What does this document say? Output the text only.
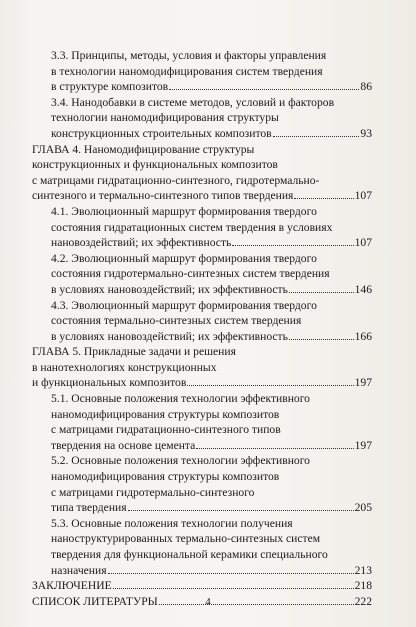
3.3. Принципы, методы, условия и факторы управления
в технологии наномодифицирования систем твердения
в структуре композитов	86
3.4. Нанодобавки в системе методов, условий и факторов
технологии наномодифицирования структуры
конструкционных строительных композитов	93
ГЛАВА 4. Наномодифицирование структуры
конструкционных и функциональных композитов
с матрицами гидратационно-синтезного, гидротермально-
синтезного и термально-синтезного типов твердения	107
4.1. Эволюционный маршрут формирования твердого
состояния гидратационных систем твердения в условиях
нановоздействий; их эффективность	107
4.2. Эволюционный маршрут формирования твердого
состояния гидротермально-синтезных систем твердения
в условиях нановоздействий; их эффективность	146
4.3. Эволюционный маршрут формирования твердого
состояния термально-синтезных систем твердения
в условиях нановоздействий; их эффективность	166
ГЛАВА 5. Прикладные задачи и решения
в нанотехнологиях конструкционных
и функциональных композитов	197
5.1. Основные положения технологии эффективного
наномодифицирования структуры композитов
с матрицами гидратационно-синтезного типов
твердения на основе цемента	197
5.2. Основные положения технологии эффективного
наномодифицирования структуры композитов
с матрицами гидротермально-синтезного
типа твердения	205
5.3. Основные положения технологии получения
наноструктурированных термально-синтезных систем
твердения для функциональной керамики специального
назначения	213
ЗАКЛЮЧЕНИЕ	218
СПИСОК ЛИТЕРАТУРЫ	222
4
